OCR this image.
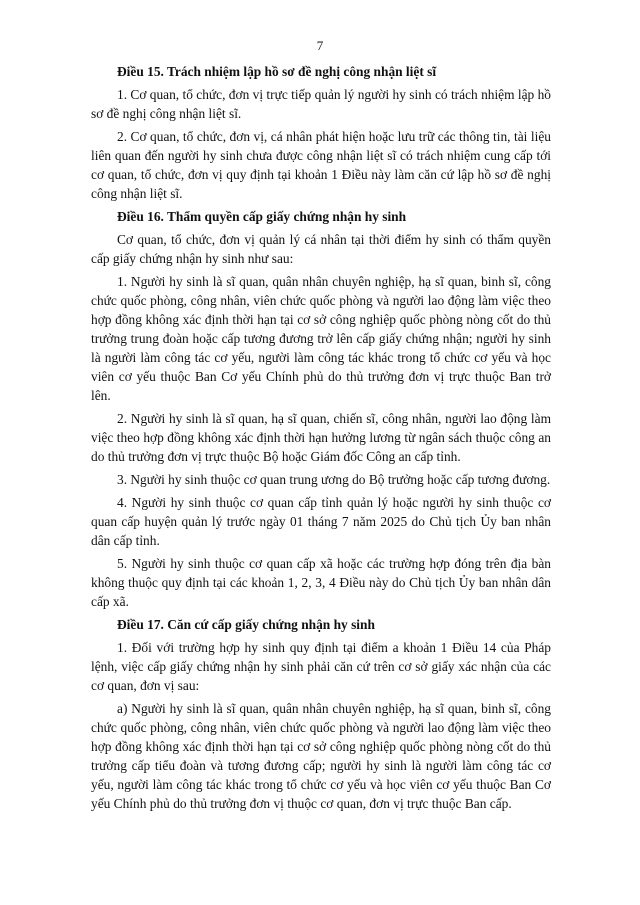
7

Điều 15. Trách nhiệm lập hồ sơ đề nghị công nhận liệt sĩ

1. Cơ quan, tổ chức, đơn vị trực tiếp quản lý người hy sinh có trách nhiệm lập hồ sơ đề nghị công nhận liệt sĩ.

2. Cơ quan, tổ chức, đơn vị, cá nhân phát hiện hoặc lưu trữ các thông tin, tài liệu liên quan đến người hy sinh chưa được công nhận liệt sĩ có trách nhiệm cung cấp tới cơ quan, tổ chức, đơn vị quy định tại khoản 1 Điều này làm căn cứ lập hồ sơ đề nghị công nhận liệt sĩ.

Điều 16. Thẩm quyền cấp giấy chứng nhận hy sinh

Cơ quan, tổ chức, đơn vị quản lý cá nhân tại thời điểm hy sinh có thẩm quyền cấp giấy chứng nhận hy sinh như sau:

1. Người hy sinh là sĩ quan, quân nhân chuyên nghiệp, hạ sĩ quan, binh sĩ, công chức quốc phòng, công nhân, viên chức quốc phòng và người lao động làm việc theo hợp đồng không xác định thời hạn tại cơ sở công nghiệp quốc phòng nòng cốt do thủ trưởng trung đoàn hoặc cấp tương đương trở lên cấp giấy chứng nhận; người hy sinh là người làm công tác cơ yếu, người làm công tác khác trong tổ chức cơ yếu và học viên cơ yếu thuộc Ban Cơ yếu Chính phủ do thủ trưởng đơn vị trực thuộc Ban trở lên.

2. Người hy sinh là sĩ quan, hạ sĩ quan, chiến sĩ, công nhân, người lao động làm việc theo hợp đồng không xác định thời hạn hưởng lương từ ngân sách thuộc công an do thủ trưởng đơn vị trực thuộc Bộ hoặc Giám đốc Công an cấp tỉnh.

3. Người hy sinh thuộc cơ quan trung ương do Bộ trưởng hoặc cấp tương đương.

4. Người hy sinh thuộc cơ quan cấp tỉnh quản lý hoặc người hy sinh thuộc cơ quan cấp huyện quản lý trước ngày 01 tháng 7 năm 2025 do Chủ tịch Ủy ban nhân dân cấp tỉnh.

5. Người hy sinh thuộc cơ quan cấp xã hoặc các trường hợp đóng trên địa bàn không thuộc quy định tại các khoản 1, 2, 3, 4 Điều này do Chủ tịch Ủy ban nhân dân cấp xã.

Điều 17. Căn cứ cấp giấy chứng nhận hy sinh

1. Đối với trường hợp hy sinh quy định tại điểm a khoản 1 Điều 14 của Pháp lệnh, việc cấp giấy chứng nhận hy sinh phải căn cứ trên cơ sở giấy xác nhận của các cơ quan, đơn vị sau:

a) Người hy sinh là sĩ quan, quân nhân chuyên nghiệp, hạ sĩ quan, binh sĩ, công chức quốc phòng, công nhân, viên chức quốc phòng và người lao động làm việc theo hợp đồng không xác định thời hạn tại cơ sở công nghiệp quốc phòng nòng cốt do thủ trưởng cấp tiểu đoàn và tương đương cấp; người hy sinh là người làm công tác cơ yếu, người làm công tác khác trong tổ chức cơ yếu và học viên cơ yếu thuộc Ban Cơ yếu Chính phủ do thủ trưởng đơn vị thuộc cơ quan, đơn vị trực thuộc Ban cấp.
